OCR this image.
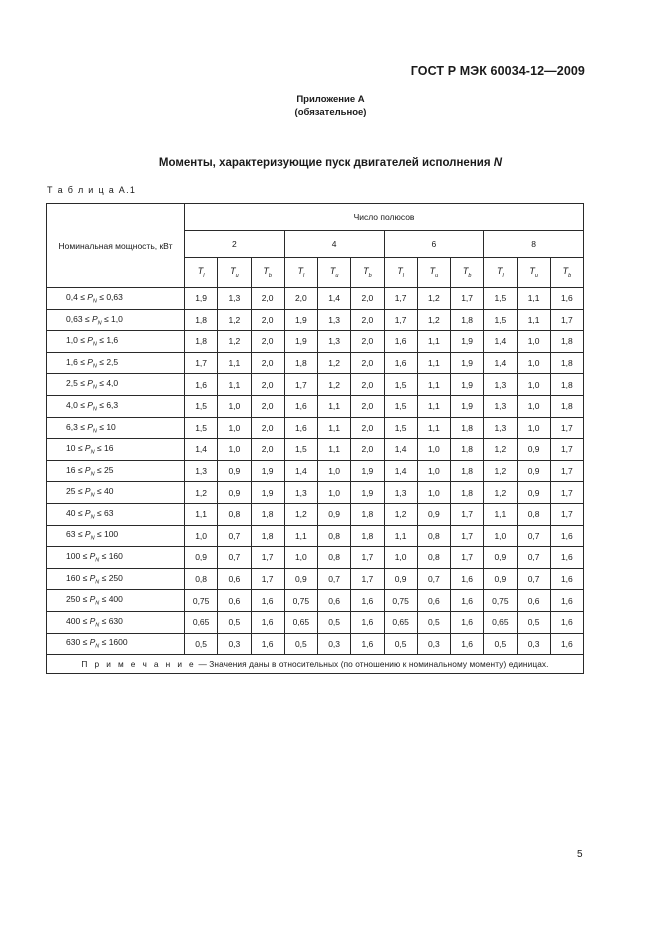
ГОСТ Р МЭК 60034-12—2009
Приложение А
(обязательное)
Моменты, характеризующие пуск двигателей исполнения N
Т а б л и ц а А.1
Номинальная мощность, кВт	Число полюсов											
	2			4			6			8		
	$T_l$	$T_u$	$T_b$	$T_l$	$T_u$	$T_b$	$T_l$	$T_u$	$T_b$	$T_l$	$T_u$	$T_b$
$0,4 \le P_N \le 0,63$	1,9	1,3	2,0	2,0	1,4	2,0	1,7	1,2	1,7	1,5	1,1	1,6
$0,63 \le P_N \le 1,0$	1,8	1,2	2,0	1,9	1,3	2,0	1,7	1,2	1,8	1,5	1,1	1,7
$1,0 \le P_N \le 1,6$	1,8	1,2	2,0	1,9	1,3	2,0	1,6	1,1	1,9	1,4	1,0	1,8
$1,6 \le P_N \le 2,5$	1,7	1,1	2,0	1,8	1,2	2,0	1,6	1,1	1,9	1,4	1,0	1,8
$2,5 \le P_N \le 4,0$	1,6	1,1	2,0	1,7	1,2	2,0	1,5	1,1	1,9	1,3	1,0	1,8
$4,0 \le P_N \le 6,3$	1,5	1,0	2,0	1,6	1,1	2,0	1,5	1,1	1,9	1,3	1,0	1,8
$6,3 \le P_N \le 10$	1,5	1,0	2,0	1,6	1,1	2,0	1,5	1,1	1,8	1,3	1,0	1,7
$10 \le P_N \le 16$	1,4	1,0	2,0	1,5	1,1	2,0	1,4	1,0	1,8	1,2	0,9	1,7
$16 \le P_N \le 25$	1,3	0,9	1,9	1,4	1,0	1,9	1,4	1,0	1,8	1,2	0,9	1,7
$25 \le P_N \le 40$	1,2	0,9	1,9	1,3	1,0	1,9	1,3	1,0	1,8	1,2	0,9	1,7
$40 \le P_N \le 63$	1,1	0,8	1,8	1,2	0,9	1,8	1,2	0,9	1,7	1,1	0,8	1,7
$63 \le P_N \le 100$	1,0	0,7	1,8	1,1	0,8	1,8	1,1	0,8	1,7	1,0	0,7	1,6
$100 \le P_N \le 160$	0,9	0,7	1,7	1,0	0,8	1,7	1,0	0,8	1,7	0,9	0,7	1,6
$160 \le P_N \le 250$	0,8	0,6	1,7	0,9	0,7	1,7	0,9	0,7	1,6	0,9	0,7	1,6
$250 \le P_N \le 400$	0,75	0,6	1,6	0,75	0,6	1,6	0,75	0,6	1,6	0,75	0,6	1,6
$400 \le P_N \le 630$	0,65	0,5	1,6	0,65	0,5	1,6	0,65	0,5	1,6	0,65	0,5	1,6
$630 \le P_N \le 1600$	0,5	0,3	1,6	0,5	0,3	1,6	0,5	0,3	1,6	0,5	0,3	1,6
П р и м е ч а н и е — Значения даны в относительных (по отношению к номинальному моменту) единицах.												
5
